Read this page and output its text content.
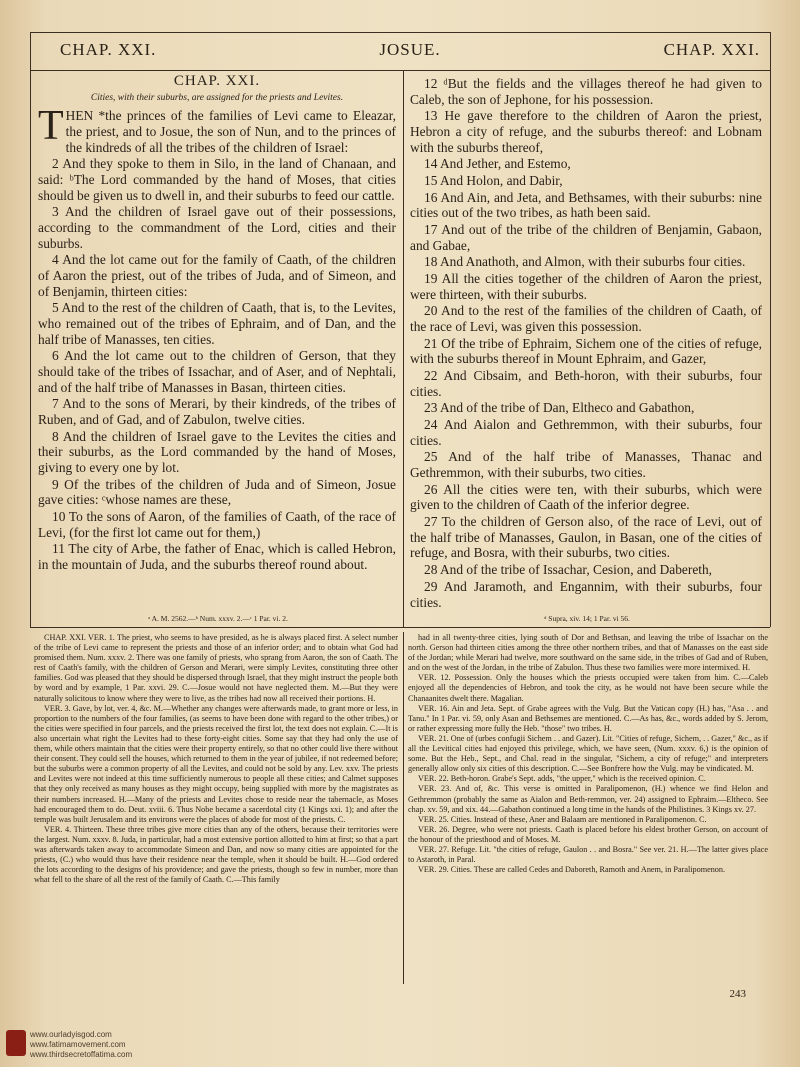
CHAP. XXI.	JOSUE.	CHAP. XXI.
CHAP. XXI.
Cities, with their suburbs, are assigned for the priests and Levites.

THEN *the princes of the families of Levi came to Eleazar, the priest, and to Josue, the son of Nun, and to the princes of the kindreds of all the tribes of the children of Israel:

2 And they spoke to them in Silo, in the land of Chanaan, and said: ᵇThe Lord commanded by the hand of Moses, that cities should be given us to dwell in, and their suburbs to feed our cattle.

3 And the children of Israel gave out of their possessions, according to the commandment of the Lord, cities and their suburbs.

4 And the lot came out for the family of Caath, of the children of Aaron the priest, out of the tribes of Juda, and of Simeon, and of Benjamin, thirteen cities:

5 And to the rest of the children of Caath, that is, to the Levites, who remained out of the tribes of Ephraim, and of Dan, and the half tribe of Manasses, ten cities.

6 And the lot came out to the children of Gerson, that they should take of the tribes of Issachar, and of Aser, and of Nephtali, and of the half tribe of Manasses in Basan, thirteen cities.

7 And to the sons of Merari, by their kindreds, of the tribes of Ruben, and of Gad, and of Zabulon, twelve cities.

8 And the children of Israel gave to the Levites the cities and their suburbs, as the Lord commanded by the hand of Moses, giving to every one by lot.

9 Of the tribes of the children of Juda and of Simeon, Josue gave cities: ᶜwhose names are these,

10 To the sons of Aaron, of the families of Caath, of the race of Levi, (for the first lot came out for them,)

11 The city of Arbe, the father of Enac, which is called Hebron, in the mountain of Juda, and the suburbs thereof round about.

12 ᵈBut the fields and the villages thereof he had given to Caleb, the son of Jephone, for his possession.

13 He gave therefore to the children of Aaron the priest, Hebron a city of refuge, and the suburbs thereof: and Lobnam with the suburbs thereof,

14 And Jether, and Estemo,

15 And Holon, and Dabir,

16 And Ain, and Jeta, and Bethsames, with their suburbs: nine cities out of the two tribes, as hath been said.

17 And out of the tribe of the children of Benjamin, Gabaon, and Gabae,

18 And Anathoth, and Almon, with their suburbs four cities.

19 All the cities together of the children of Aaron the priest, were thirteen, with their suburbs.

20 And to the rest of the families of the children of Caath, of the race of Levi, was given this possession.

21 Of the tribe of Ephraim, Sichem one of the cities of refuge, with the suburbs thereof in Mount Ephraim, and Gazer,

22 And Cibsaim, and Beth-horon, with their suburbs, four cities.

23 And of the tribe of Dan, Eltheco and Gabathon,

24 And Aialon and Gethremmon, with their suburbs, four cities.

25 And of the half tribe of Manasses, Thanac and Gethremmon, with their suburbs, two cities.

26 All the cities were ten, with their suburbs, which were given to the children of Caath of the inferior degree.

27 To the children of Gerson also, of the race of Levi, out of the half tribe of Manasses, Gaulon, in Basan, one of the cities of refuge, and Bosra, with their suburbs, two cities.

28 And of the tribe of Issachar, Cesion, and Dabereth,

29 And Jaramoth, and Engannim, with their suburbs, four cities.

ᵃ A. M. 2562.—ᵇ Num. xxxv. 2.—ᶜ 1 Par. vi. 2.	ᵈ Supra, xiv. 14; 1 Par. vi 56.

CHAP. XXI. VER. 1. The priest, who seems to have presided, as he is always placed first. A select number of the tribe of Levi came to represent the priests and those of an inferior order; and to obtain what God had promised them. Num. xxxv. 2. There was one family of priests, who sprang from Aaron, the son of Caath. The rest of Caath's family, with the children of Gerson and Merari, were simply Levites, constituting three other families. God was pleased that they should be dispersed through Israel, that they might instruct the people both by word and by example, 1 Par. xxvi. 29. C.—Josue would not have neglected them. M.—But they were naturally solicitous to know where they were to live, as the tribes had now all received their portions. H.

VER. 3. Gave, by lot, ver. 4, &c. M.—Whether any changes were afterwards made, to grant more or less, in proportion to the numbers of the four families, (as seems to have been done with regard to the other tribes,) or the cities were specified in four parcels, and the priests received the first lot, the text does not explain. C.—It is also uncertain what right the Levites had to these forty-eight cities. Some say that they had only the use of them, while others maintain that the cities were their property entirely, so that no other could live there without their consent. They could sell the houses, which returned to them in the year of jubilee, if not redeemed before; but the suburbs were a common property of all the Levites, and could not be sold by any. Lev. xxv. The priests and Levites were not indeed at this time sufficiently numerous to people all these cities; and Calmet supposes that they only received as many houses as they might occupy, being supplied with more by the magistrates as their numbers increased. H.—Many of the priests and Levites chose to reside near the tabernacle, as Moses had encouraged them to do. Deut. xviii. 6. Thus Nobe became a sacerdotal city (1 Kings xxi. 1); and after the temple was built Jerusalem and its environs were the places of abode for most of the priests. C.

VER. 4. Thirteen. These three tribes give more cities than any of the others, because their territories were the largest. Num. xxxv. 8. Juda, in particular, had a most extensive portion allotted to him at first; so that a part was afterwards taken away to accommodate Simeon and Dan, and now so many cities are appointed for the priests, (C.) who would thus have their residence near the temple, when it should be built. H.—God ordered the lots according to the designs of his providence; and gave the priests, though so few in number, more than what fell to the share of all the rest of the family of Caath. C.—This family

had in all twenty-three cities, lying south of Dor and Bethsan, and leaving the tribe of Issachar on the north. Gerson had thirteen cities among the three other northern tribes, and that of Manasses on the east side of the Jordan; while Merari had twelve, more southward on the same side, in the tribes of Gad and of Ruben, and on the west of the Jordan, in the tribe of Zabulon. Thus these two families were more intermixed. H.

VER. 12. Possession. Only the houses which the priests occupied were taken from him. C.—Caleb enjoyed all the dependencies of Hebron, and took the city, as he would not have been secure while the Chanaanites dwelt there. Magalian.

VER. 16. Ain and Jeta. Sept. of Grabe agrees with the Vulg. But the Vatican copy (H.) has, "Asa . . and Tanu." In 1 Par. vi. 59, only Asan and Bethsemes are mentioned. C.—As has, &c., words added by S. Jerom, or rather expressing more fully the Heb. "those" two tribes. H.

VER. 21. One of (urbes confugii Sichem . . and Gazer). Lit. "Cities of refuge, Sichem, . . Gazer," &c., as if all the Levitical cities had enjoyed this privilege, which, we have seen, (Num. xxxv. 6,) is the opinion of some. But the Heb., Sept., and Chal. read in the singular, "Sichem, a city of refuge;" and interpreters generally allow only six cities of this description. C.—See Bonfrere how the Vulg. may be vindicated. M.

VER. 22. Beth-horon. Grabe's Sept. adds, "the upper," which is the received opinion. C.

VER. 23. And of, &c. This verse is omitted in Paralipomenon, (H.) whence we find Helon and Gethremmon (probably the same as Aialon and Beth-remmon, ver. 24) assigned to Ephraim.—Eltheco. See chap. xv. 59, and xix. 44.—Gabathon continued a long time in the hands of the Philistines. 3 Kings xv. 27.

VER. 25. Cities. Instead of these, Aner and Balaam are mentioned in Paralipomenon. C.

VER. 26. Degree, who were not priests. Caath is placed before his eldest brother Gerson, on account of the honour of the priesthood and of Moses. M.

VER. 27. Refuge. Lit. "the cities of refuge, Gaulon . . and Bosra." See ver. 21. H.—The latter gives place to Astaroth, in Paral.

VER. 29. Cities. These are called Cedes and Daboreth, Ramoth and Anem, in Paralipomenon.

243
www.ourladyisgod.com
www.fatimamovement.com
www.thirdsecretoffatima.com
